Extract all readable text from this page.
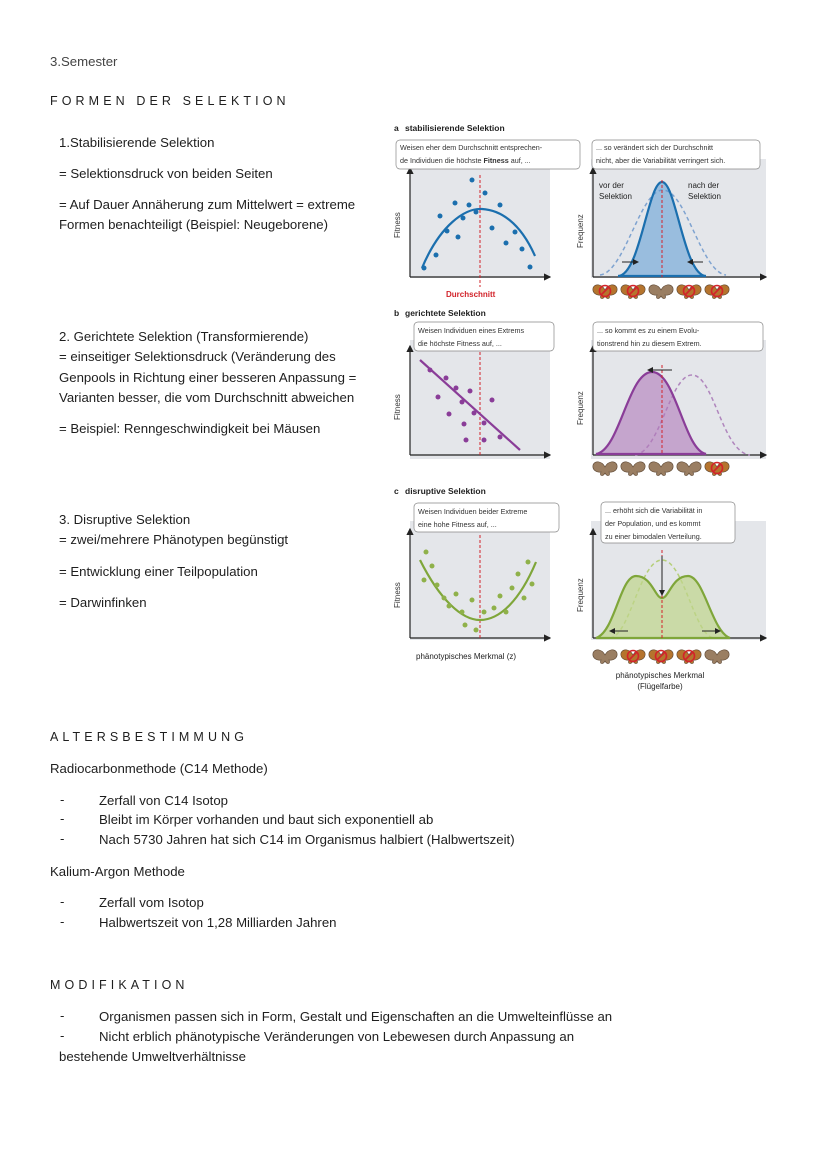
3.Semester
FORMEN DER SELEKTION
1.Stabilisierende Selektion
= Selektionsdruck von beiden Seiten
= Auf Dauer Annäherung zum Mittelwert = extreme
Formen benachteiligt (Beispiel: Neugeborene)
2. Gerichtete Selektion (Transformierende)
= einseitiger Selektionsdruck (Veränderung des
Genpools in Richtung einer besseren Anpassung =
Varianten besser, die vom Durchschnitt abweichen
= Beispiel: Renngeschwindigkeit bei Mäusen
3. Disruptive Selektion
= zwei/mehrere Phänotypen begünstigt
= Entwicklung einer Teilpopulation
= Darwinfinken
a stabilisierende Selektion
Weisen eher dem Durchschnitt entsprechen-
de Individuen die höchste Fitness auf, ...
Fitness
Durchschnitt
... so verändert sich der Durchschnitt
nicht, aber die Variabilität verringert sich.
vor der
Selektion
nach der
Selektion
Frequenz
b gerichtete Selektion
Weisen Individuen eines Extrems
die höchste Fitness auf, ...
Fitness
... so kommt es zu einem Evolu-
tionstrend hin zu diesem Extrem.
Frequenz
c disruptive Selektion
Weisen Individuen beider Extreme
eine hohe Fitness auf, ...
Fitness
phänotypisches Merkmal (z)
... erhöht sich die Variabilität in
der Population, und es kommt
zu einer bimodalen Verteilung.
Frequenz
phänotypisches Merkmal
(Flügelfarbe)
ALTERSBESTIMMUNG
Radiocarbonmethode (C14 Methode)
-	Zerfall von C14 Isotop
-	Bleibt im Körper vorhanden und baut sich exponentiell ab
-	Nach 5730 Jahren hat sich C14 im Organismus halbiert (Halbwertszeit)
Kalium-Argon Methode
-	Zerfall vom Isotop
-	Halbwertszeit von 1,28 Milliarden Jahren
MODIFIKATION
-	Organismen passen sich in Form, Gestalt und Eigenschaften an die Umwelteinflüsse an
-	Nicht erblich phänotypische Veränderungen von Lebewesen durch Anpassung an
bestehende Umweltverhältnisse
